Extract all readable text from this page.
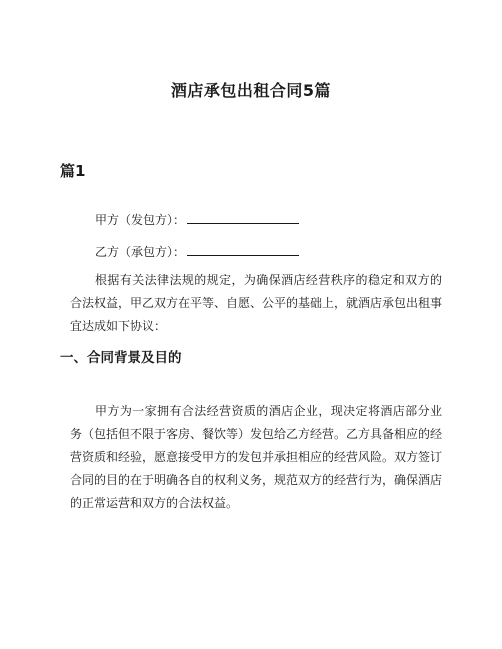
酒店承包出租合同5篇
篇1

甲方（发包方）：

乙方（承包方）：

根据有关法律法规的规定，为确保酒店经营秩序的稳定和双方的合法权益，甲乙双方在平等、自愿、公平的基础上，就酒店承包出租事宜达成如下协议：

一、合同背景及目的

甲方为一家拥有合法经营资质的酒店企业，现决定将酒店部分业务（包括但不限于客房、餐饮等）发包给乙方经营。乙方具备相应的经营资质和经验，愿意接受甲方的发包并承担相应的经营风险。双方签订合同的目的在于明确各自的权利义务，规范双方的经营行为，确保酒店的正常运营和双方的合法权益。
